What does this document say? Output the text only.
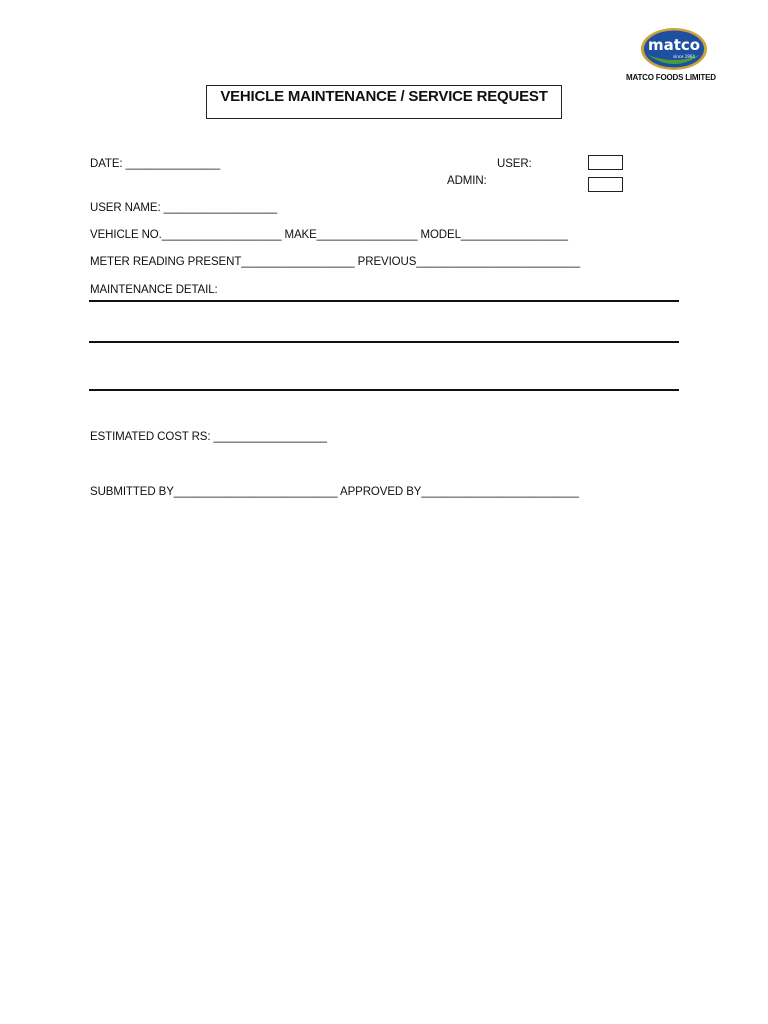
matco
since 1964
MATCO FOODS LIMITED
VEHICLE MAINTENANCE / SERVICE REQUEST
DATE: _______________	USER:
ADMIN:
USER NAME: __________________
VEHICLE NO.___________________ MAKE________________ MODEL_________________
METER READING PRESENT__________________ PREVIOUS__________________________
MAINTENANCE DETAIL:
ESTIMATED COST RS: __________________
SUBMITTED BY__________________________ APPROVED BY_________________________
